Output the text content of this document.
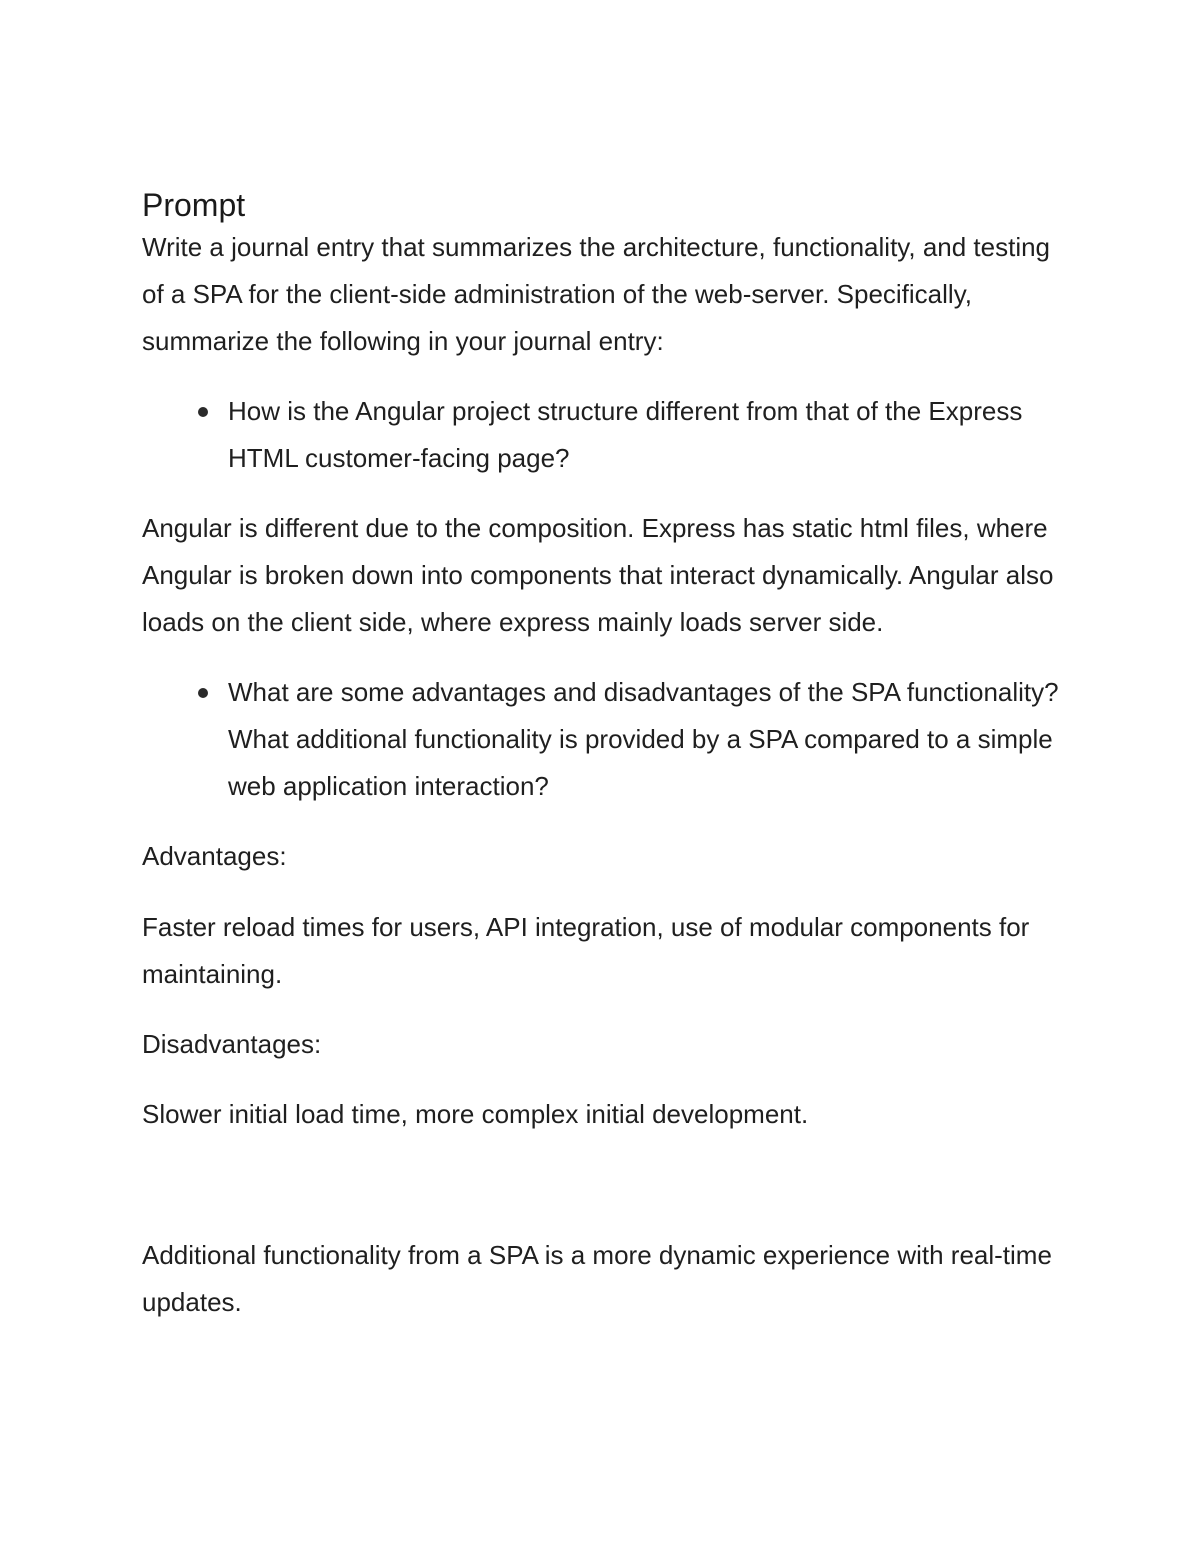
Prompt

Write a journal entry that summarizes the architecture, functionality, and testing of a SPA for the client-side administration of the web-server. Specifically, summarize the following in your journal entry:

How is the Angular project structure different from that of the Express HTML customer-facing page?

Angular is different due to the composition. Express has static html files, where Angular is broken down into components that interact dynamically. Angular also loads on the client side, where express mainly loads server side.

What are some advantages and disadvantages of the SPA functionality? What additional functionality is provided by a SPA compared to a simple web application interaction?

Advantages:

Faster reload times for users, API integration, use of modular components for maintaining.

Disadvantages:

Slower initial load time, more complex initial development.

Additional functionality from a SPA is a more dynamic experience with real-time updates.
